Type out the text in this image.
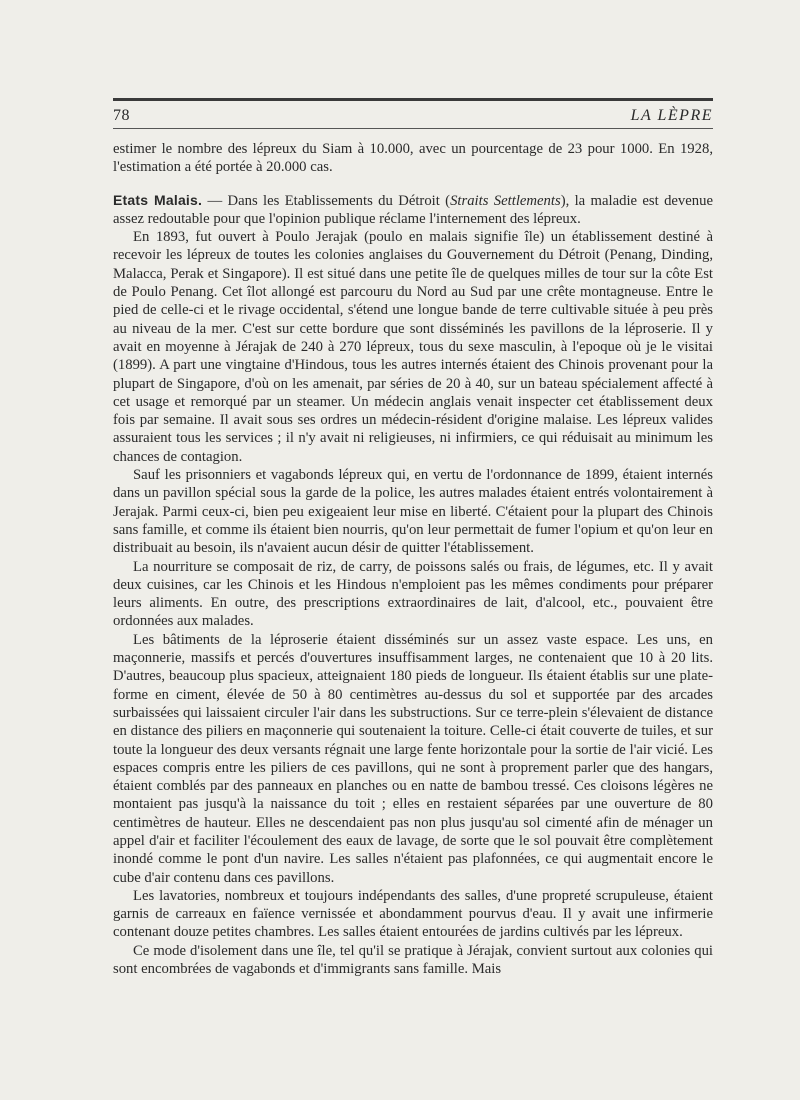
78	LA LÈPRE

estimer le nombre des lépreux du Siam à 10.000, avec un pourcentage de 23 pour 1000. En 1928, l'estimation a été portée à 20.000 cas.

Etats Malais. — Dans les Etablissements du Détroit (Straits Settlements), la maladie est devenue assez redoutable pour que l'opinion publique réclame l'internement des lépreux.

En 1893, fut ouvert à Poulo Jerajak (poulo en malais signifie île) un établissement destiné à recevoir les lépreux de toutes les colonies anglaises du Gouvernement du Détroit (Penang, Dinding, Malacca, Perak et Singapore). Il est situé dans une petite île de quelques milles de tour sur la côte Est de Poulo Penang. Cet îlot allongé est parcouru du Nord au Sud par une crête montagneuse. Entre le pied de celle-ci et le rivage occidental, s'étend une longue bande de terre cultivable située à peu près au niveau de la mer. C'est sur cette bordure que sont disséminés les pavillons de la léproserie. Il y avait en moyenne à Jérajak de 240 à 270 lépreux, tous du sexe masculin, à l'epoque où je le visitai (1899). A part une vingtaine d'Hindous, tous les autres internés étaient des Chinois provenant pour la plupart de Singapore, d'où on les amenait, par séries de 20 à 40, sur un bateau spécialement affecté à cet usage et remorqué par un steamer. Un médecin anglais venait inspecter cet établissement deux fois par semaine. Il avait sous ses ordres un médecin-résident d'origine malaise. Les lépreux valides assuraient tous les services ; il n'y avait ni religieuses, ni infirmiers, ce qui réduisait au minimum les chances de contagion.

Sauf les prisonniers et vagabonds lépreux qui, en vertu de l'ordonnance de 1899, étaient internés dans un pavillon spécial sous la garde de la police, les autres malades étaient entrés volontairement à Jerajak. Parmi ceux-ci, bien peu exigeaient leur mise en liberté. C'étaient pour la plupart des Chinois sans famille, et comme ils étaient bien nourris, qu'on leur permettait de fumer l'opium et qu'on leur en distribuait au besoin, ils n'avaient aucun désir de quitter l'établissement.

La nourriture se composait de riz, de carry, de poissons salés ou frais, de légumes, etc. Il y avait deux cuisines, car les Chinois et les Hindous n'emploient pas les mêmes condiments pour préparer leurs aliments. En outre, des prescriptions extraordinaires de lait, d'alcool, etc., pouvaient être ordonnées aux malades.

Les bâtiments de la léproserie étaient disséminés sur un assez vaste espace. Les uns, en maçonnerie, massifs et percés d'ouvertures insuffisamment larges, ne contenaient que 10 à 20 lits. D'autres, beaucoup plus spacieux, atteignaient 180 pieds de longueur. Ils étaient établis sur une plate-forme en ciment, élevée de 50 à 80 centimètres au-dessus du sol et supportée par des arcades surbaissées qui laissaient circuler l'air dans les substructions. Sur ce terre-plein s'élevaient de distance en distance des piliers en maçonnerie qui soutenaient la toiture. Celle-ci était couverte de tuiles, et sur toute la longueur des deux versants régnait une large fente horizontale pour la sortie de l'air vicié. Les espaces compris entre les piliers de ces pavillons, qui ne sont à proprement parler que des hangars, étaient comblés par des panneaux en planches ou en natte de bambou tressé. Ces cloisons légères ne montaient pas jusqu'à la naissance du toit ; elles en restaient séparées par une ouverture de 80 centimètres de hauteur. Elles ne descendaient pas non plus jusqu'au sol cimenté afin de ménager un appel d'air et faciliter l'écoulement des eaux de lavage, de sorte que le sol pouvait être complètement inondé comme le pont d'un navire. Les salles n'étaient pas plafonnées, ce qui augmentait encore le cube d'air contenu dans ces pavillons.

Les lavatories, nombreux et toujours indépendants des salles, d'une propreté scrupuleuse, étaient garnis de carreaux en faïence vernissée et abondamment pourvus d'eau. Il y avait une infirmerie contenant douze petites chambres. Les salles étaient entourées de jardins cultivés par les lépreux.

Ce mode d'isolement dans une île, tel qu'il se pratique à Jérajak, convient surtout aux colonies qui sont encombrées de vagabonds et d'immigrants sans famille. Mais
